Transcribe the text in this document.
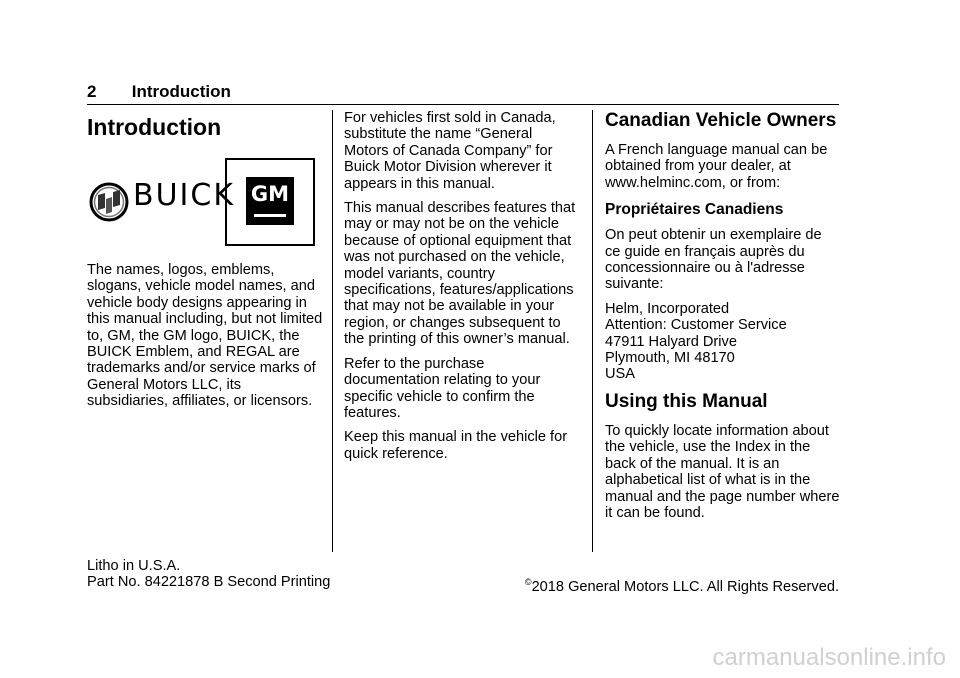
2 Introduction
Introduction
BUICK GM

The names, logos, emblems, slogans, vehicle model names, and vehicle body designs appearing in this manual including, but not limited to, GM, the GM logo, BUICK, the BUICK Emblem, and REGAL are trademarks and/or service marks of General Motors LLC, its subsidiaries, affiliates, or licensors.

For vehicles first sold in Canada, substitute the name “General Motors of Canada Company” for Buick Motor Division wherever it appears in this manual.

This manual describes features that may or may not be on the vehicle because of optional equipment that was not purchased on the vehicle, model variants, country specifications, features/applications that may not be available in your region, or changes subsequent to the printing of this owner’s manual.

Refer to the purchase documentation relating to your specific vehicle to confirm the features.

Keep this manual in the vehicle for quick reference.

Canadian Vehicle Owners

A French language manual can be obtained from your dealer, at www.helminc.com, or from:

Propriétaires Canadiens

On peut obtenir un exemplaire de ce guide en français auprès du concessionnaire ou à l'adresse suivante:

Helm, Incorporated
Attention: Customer Service
47911 Halyard Drive
Plymouth, MI 48170
USA

Using this Manual

To quickly locate information about the vehicle, use the Index in the back of the manual. It is an alphabetical list of what is in the manual and the page number where it can be found.

Litho in U.S.A.
Part No. 84221878 B Second Printing	©2018 General Motors LLC. All Rights Reserved.
carmanualsonline.info
